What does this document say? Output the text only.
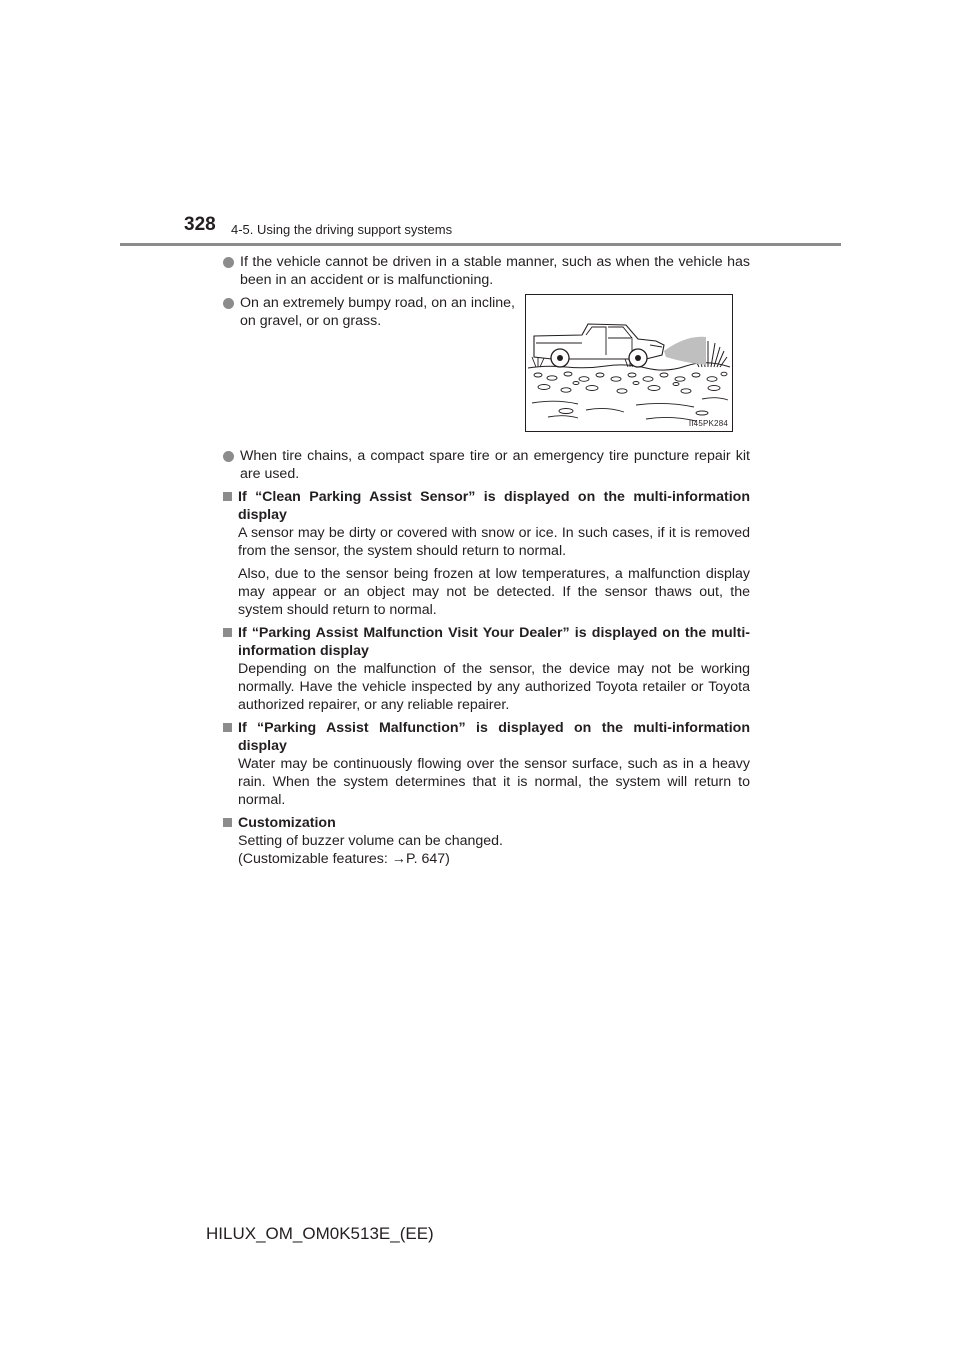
328 4-5. Using the driving support systems
If the vehicle cannot be driven in a stable manner, such as when the vehicle has been in an accident or is malfunctioning.
On an extremely bumpy road, on an incline, on gravel, or on grass.
II45PK284
When tire chains, a compact spare tire or an emergency tire puncture repair kit are used.
If “Clean Parking Assist Sensor” is displayed on the multi-information display
A sensor may be dirty or covered with snow or ice. In such cases, if it is removed from the sensor, the system should return to normal.
Also, due to the sensor being frozen at low temperatures, a malfunction display may appear or an object may not be detected. If the sensor thaws out, the system should return to normal.
If “Parking Assist Malfunction Visit Your Dealer” is displayed on the multi-information display
Depending on the malfunction of the sensor, the device may not be working normally. Have the vehicle inspected by any authorized Toyota retailer or Toyota authorized repairer, or any reliable repairer.
If “Parking Assist Malfunction” is displayed on the multi-information display
Water may be continuously flowing over the sensor surface, such as in a heavy rain. When the system determines that it is normal, the system will return to normal.
Customization
Setting of buzzer volume can be changed.
(Customizable features: →P. 647)
HILUX_OM_OM0K513E_(EE)
